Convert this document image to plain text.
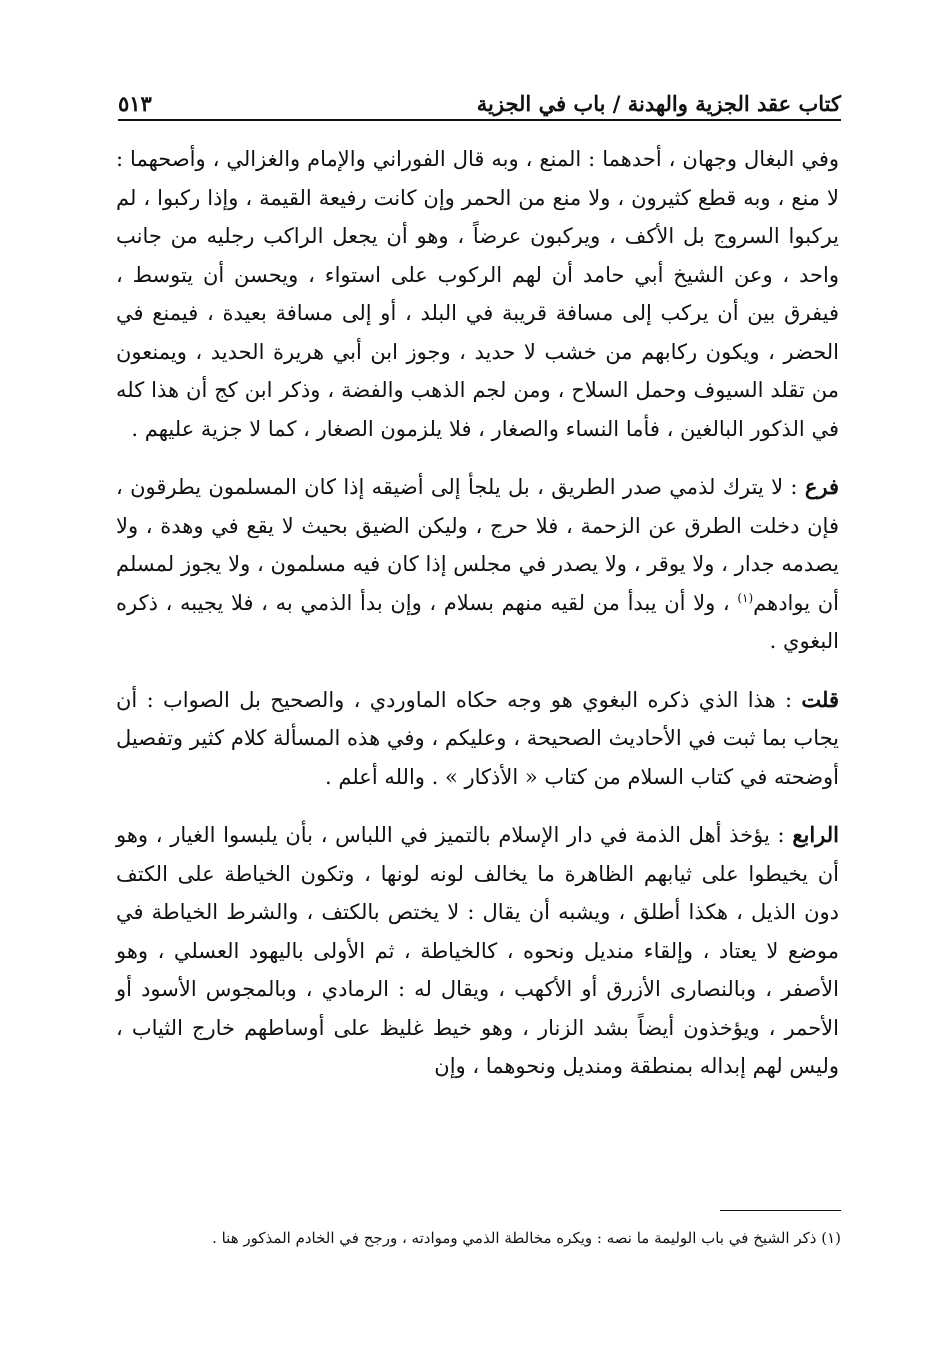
كتاب عقد الجزية والهدنة / باب في الجزية
٥١٣

وفي البغال وجهان ، أحدهما : المنع ، وبه قال الفوراني والإمام والغزالي ، وأصحهما : لا منع ، وبه قطع كثيرون ، ولا منع من الحمر وإن كانت رفيعة القيمة ، وإذا ركبوا ، لم يركبوا السروج بل الأكف ، ويركبون عرضاً ، وهو أن يجعل الراكب رجليه من جانب واحد ، وعن الشيخ أبي حامد أن لهم الركوب على استواء ، ويحسن أن يتوسط ، فيفرق بين أن يركب إلى مسافة قريبة في البلد ، أو إلى مسافة بعيدة ، فيمنع في الحضر ، ويكون ركابهم من خشب لا حديد ، وجوز ابن أبي هريرة الحديد ، ويمنعون من تقلد السيوف وحمل السلاح ، ومن لجم الذهب والفضة ، وذكر ابن كج أن هذا كله في الذكور البالغين ، فأما النساء والصغار ، فلا يلزمون الصغار ، كما لا جزية عليهم .

فرع : لا يترك لذمي صدر الطريق ، بل يلجأ إلى أضيقه إذا كان المسلمون يطرقون ، فإن دخلت الطرق عن الزحمة ، فلا حرج ، وليكن الضيق بحيث لا يقع في وهدة ، ولا يصدمه جدار ، ولا يوقر ، ولا يصدر في مجلس إذا كان فيه مسلمون ، ولا يجوز لمسلم أن يوادهم$^{(١)}$ ، ولا أن يبدأ من لقيه منهم بسلام ، وإن بدأ الذمي به ، فلا يجيبه ، ذكره البغوي .

قلت : هذا الذي ذكره البغوي هو وجه حكاه الماوردي ، والصحيح بل الصواب : أن يجاب بما ثبت في الأحاديث الصحيحة ، وعليكم ، وفي هذه المسألة كلام كثير وتفصيل أوضحته في كتاب السلام من كتاب « الأذكار » . والله أعلم .

الرابع : يؤخذ أهل الذمة في دار الإسلام بالتميز في اللباس ، بأن يلبسوا الغيار ، وهو أن يخيطوا على ثيابهم الظاهرة ما يخالف لونه لونها ، وتكون الخياطة على الكتف دون الذيل ، هكذا أطلق ، ويشبه أن يقال : لا يختص بالكتف ، والشرط الخياطة في موضع لا يعتاد ، وإلقاء منديل ونحوه ، كالخياطة ، ثم الأولى باليهود العسلي ، وهو الأصفر ، وبالنصارى الأزرق أو الأكهب ، ويقال له : الرمادي ، وبالمجوس الأسود أو الأحمر ، ويؤخذون أيضاً بشد الزنار ، وهو خيط غليظ على أوساطهم خارج الثياب ، وليس لهم إبداله بمنطقة ومنديل ونحوهما ، وإن

(١) ذكر الشيخ في باب الوليمة ما نصه : ويكره مخالطة الذمي وموادته ، ورجح في الخادم المذكور هنا .
